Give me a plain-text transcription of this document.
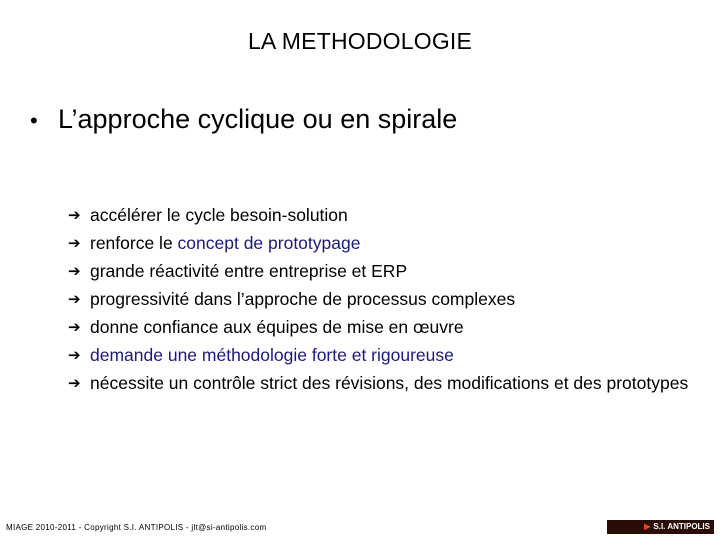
LA METHODOLOGIE
• L’approche cyclique ou en spirale
➔ accélérer le cycle besoin-solution
➔ renforce le concept de prototypage
➔ grande réactivité entre entreprise et ERP
➔ progressivité dans l’approche de processus complexes
➔ donne confiance aux équipes de mise en œuvre
➔ demande une méthodologie forte et rigoureuse
➔ nécessite un contrôle strict des révisions, des modifications et des prototypes
MIAGE 2010-2011 - Copyright S.I. ANTIPOLIS - jlt@si-antipolis.com	▶ S.I. ANTIPOLIS
